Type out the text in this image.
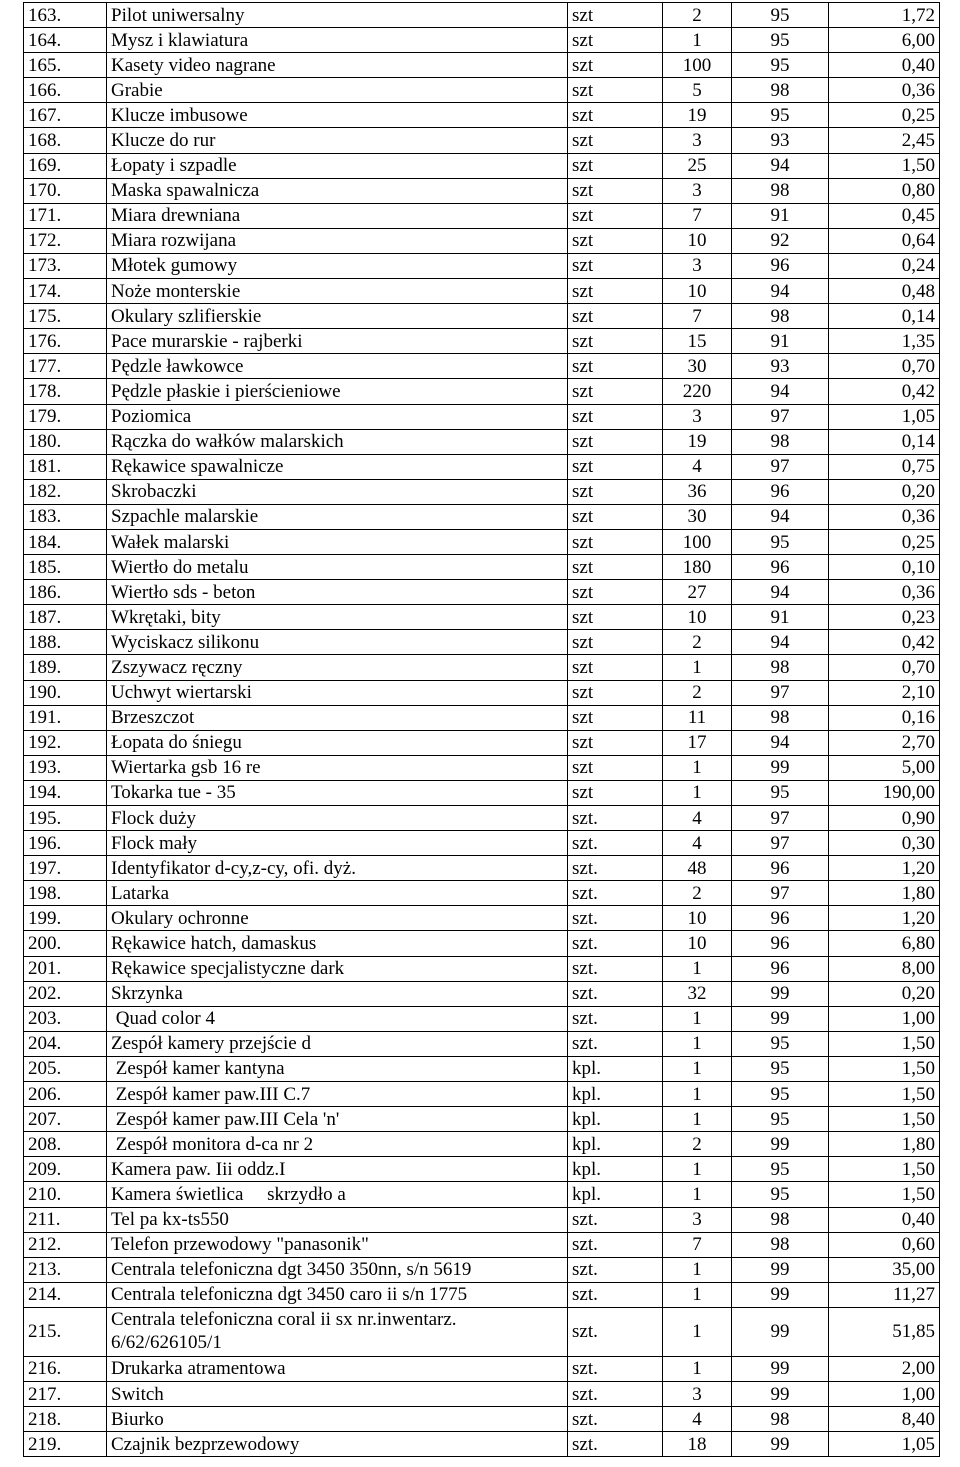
163.	Pilot uniwersalny	szt	2	95	1,72
164.	Mysz i klawiatura	szt	1	95	6,00
165.	Kasety video nagrane	szt	100	95	0,40
166.	Grabie	szt	5	98	0,36
167.	Klucze imbusowe	szt	19	95	0,25
168.	Klucze do rur	szt	3	93	2,45
169.	Łopaty i szpadle	szt	25	94	1,50
170.	Maska spawalnicza	szt	3	98	0,80
171.	Miara drewniana	szt	7	91	0,45
172.	Miara rozwijana	szt	10	92	0,64
173.	Młotek gumowy	szt	3	96	0,24
174.	Noże monterskie	szt	10	94	0,48
175.	Okulary szlifierskie	szt	7	98	0,14
176.	Pace murarskie - rajberki	szt	15	91	1,35
177.	Pędzle ławkowce	szt	30	93	0,70
178.	Pędzle płaskie i pierścieniowe	szt	220	94	0,42
179.	Poziomica	szt	3	97	1,05
180.	Rączka do wałków malarskich	szt	19	98	0,14
181.	Rękawice spawalnicze	szt	4	97	0,75
182.	Skrobaczki	szt	36	96	0,20
183.	Szpachle malarskie	szt	30	94	0,36
184.	Wałek malarski	szt	100	95	0,25
185.	Wiertło do metalu	szt	180	96	0,10
186.	Wiertło sds - beton	szt	27	94	0,36
187.	Wkrętaki, bity	szt	10	91	0,23
188.	Wyciskacz silikonu	szt	2	94	0,42
189.	Zszywacz ręczny	szt	1	98	0,70
190.	Uchwyt wiertarski	szt	2	97	2,10
191.	Brzeszczot	szt	11	98	0,16
192.	Łopata do śniegu	szt	17	94	2,70
193.	Wiertarka gsb 16 re	szt	1	99	5,00
194.	Tokarka tue - 35	szt	1	95	190,00
195.	Flock duży	szt.	4	97	0,90
196.	Flock mały	szt.	4	97	0,30
197.	Identyfikator d-cy,z-cy, ofi. dyż.	szt.	48	96	1,20
198.	Latarka	szt.	2	97	1,80
199.	Okulary ochronne	szt.	10	96	1,20
200.	Rękawice hatch, damaskus	szt.	10	96	6,80
201.	Rękawice specjalistyczne dark	szt.	1	96	8,00
202.	Skrzynka	szt.	32	99	0,20
203.	Quad color 4	szt.	1	99	1,00
204.	Zespół kamery przejście d	szt.	1	95	1,50
205.	Zespół kamer kantyna	kpl.	1	95	1,50
206.	Zespół kamer paw.III C.7	kpl.	1	95	1,50
207.	Zespół kamer paw.III Cela 'n'	kpl.	1	95	1,50
208.	Zespół monitora d-ca nr 2	kpl.	2	99	1,80
209.	Kamera paw. Iii oddz.I	kpl.	1	95	1,50
210.	Kamera świetlica     skrzydło a	kpl.	1	95	1,50
211.	Tel pa kx-ts550	szt.	3	98	0,40
212.	Telefon przewodowy "panasonik"	szt.	7	98	0,60
213.	Centrala telefoniczna dgt 3450 350nn, s/n 5619	szt.	1	99	35,00
214.	Centrala telefoniczna dgt 3450 caro ii s/n 1775	szt.	1	99	11,27
215.	Centrala telefoniczna coral ii sx nr.inwentarz. 6/62/626105/1	szt.	1	99	51,85
216.	Drukarka atramentowa	szt.	1	99	2,00
217.	Switch	szt.	3	99	1,00
218.	Biurko	szt.	4	98	8,40
219.	Czajnik bezprzewodowy	szt.	18	99	1,05
